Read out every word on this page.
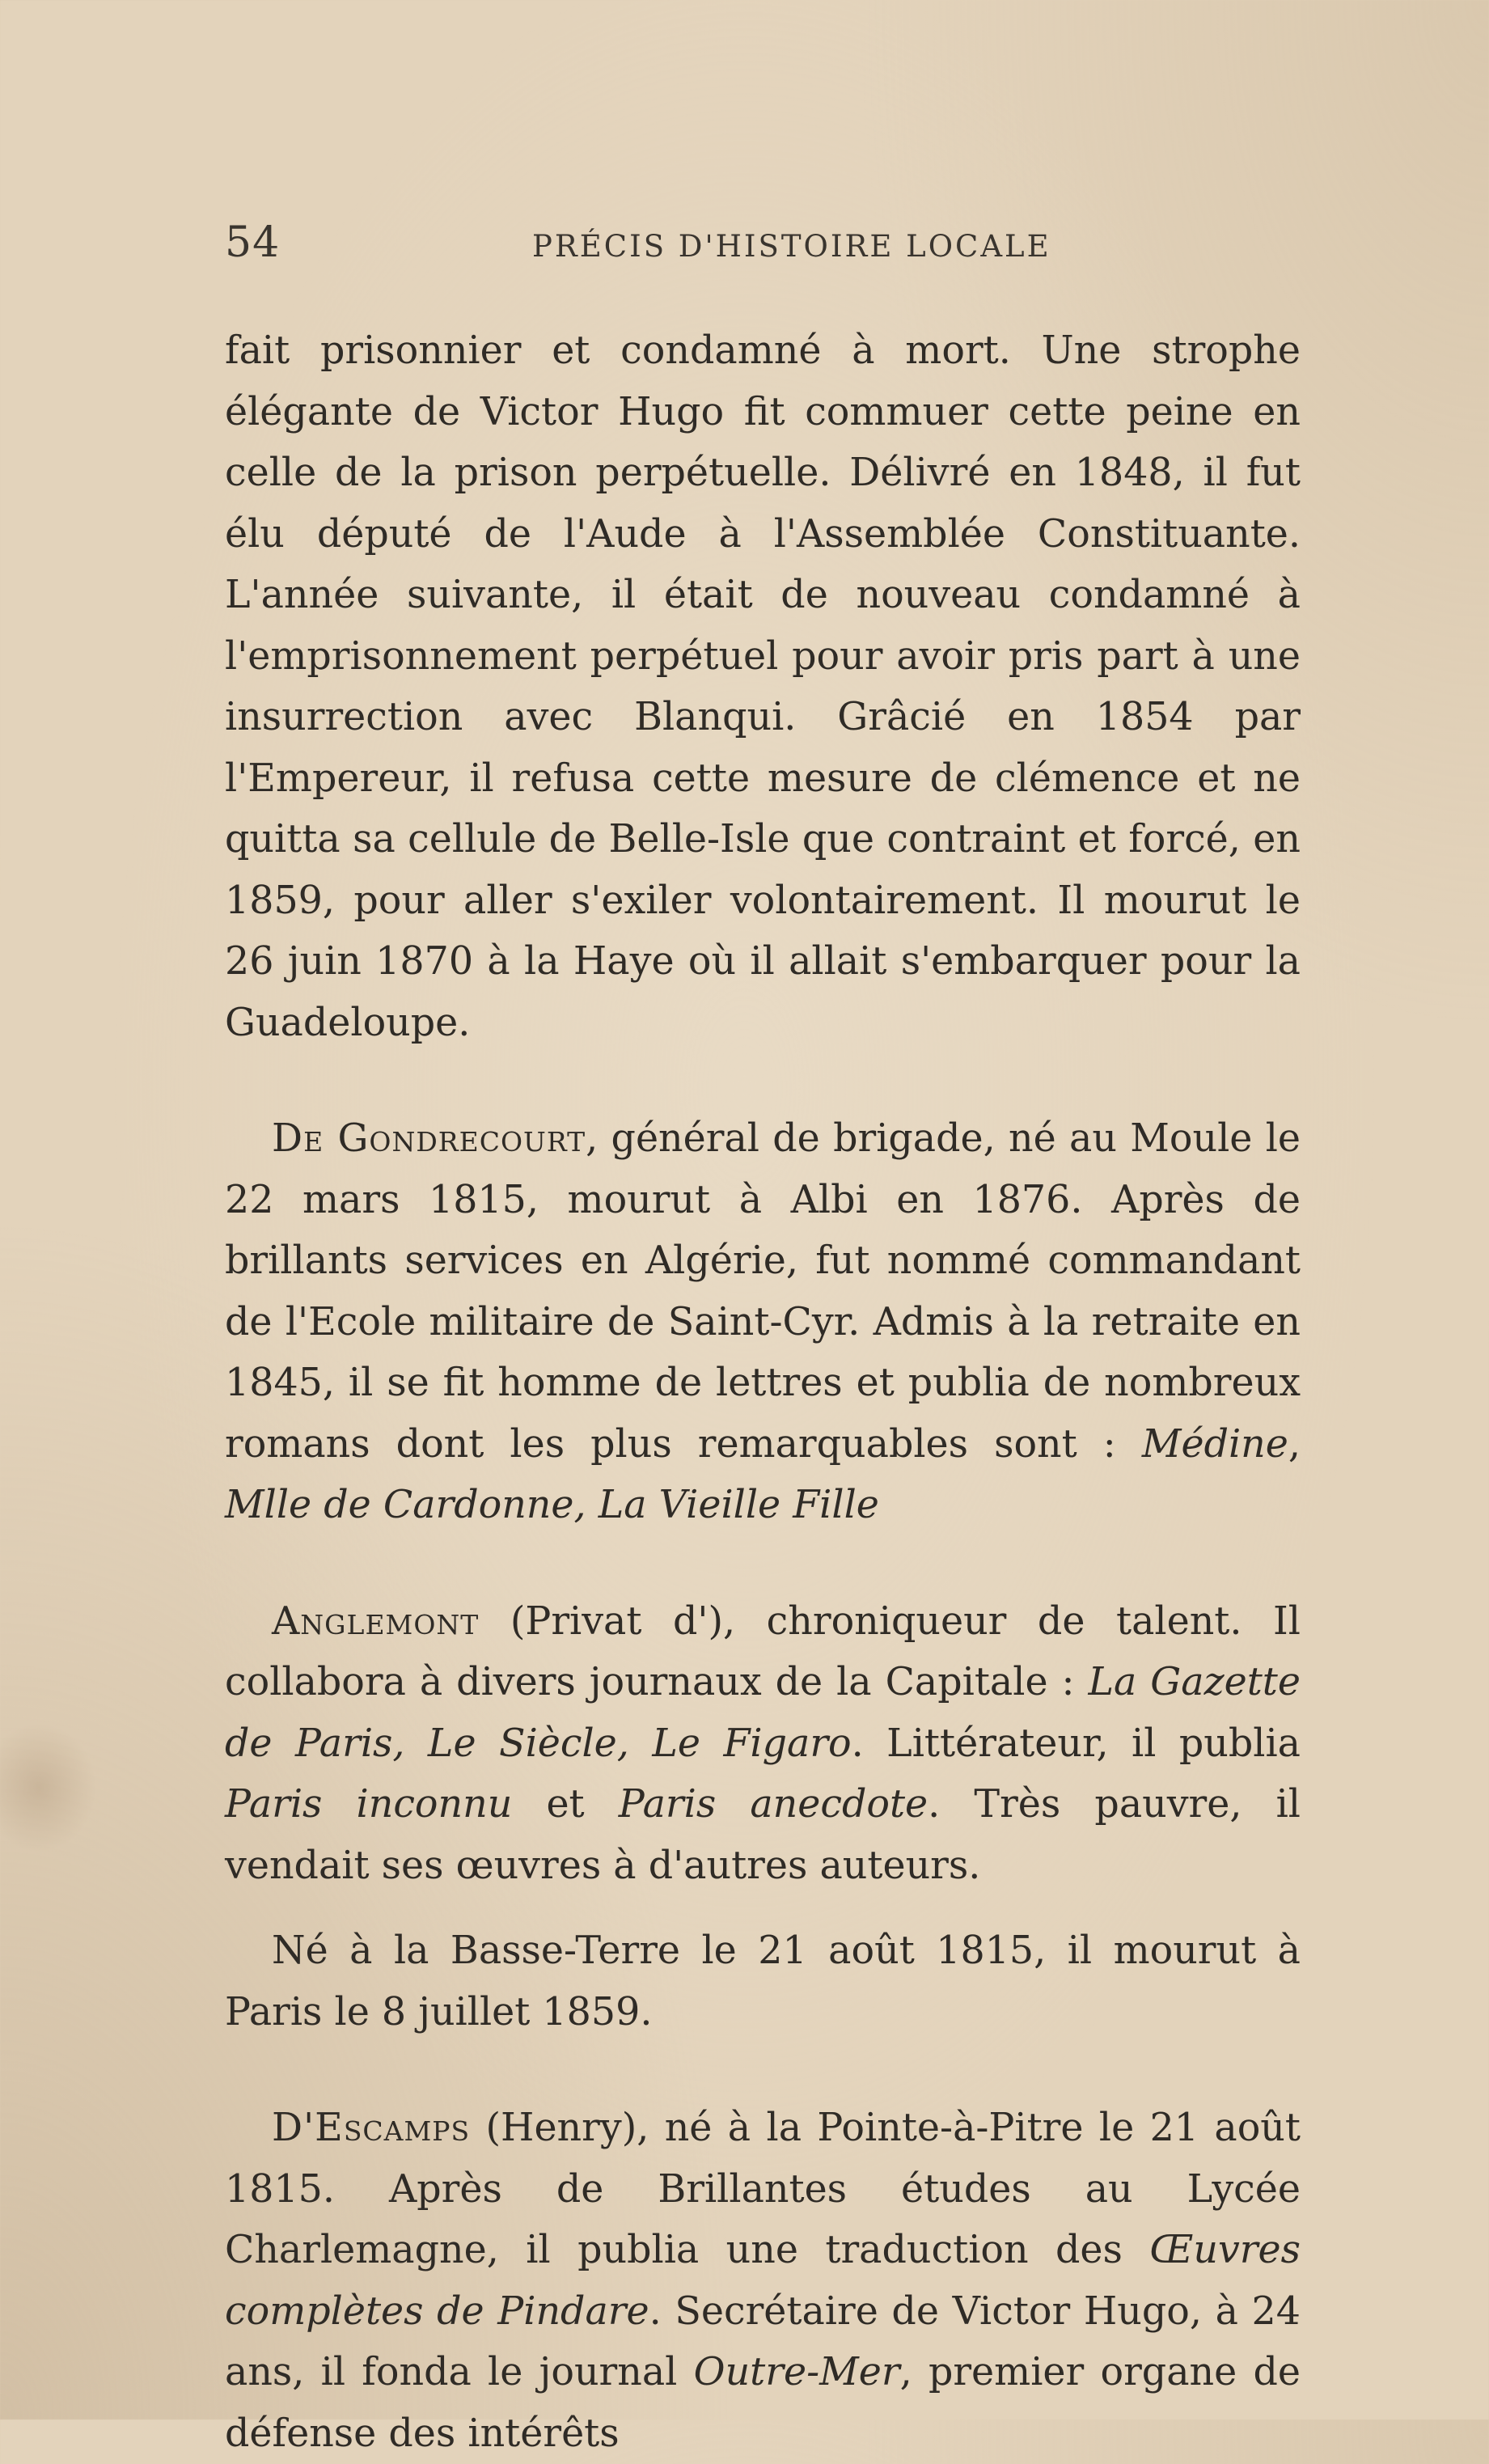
54	PRÉCIS D'HISTOIRE LOCALE

fait prisonnier et condamné à mort. Une strophe élégante de Victor Hugo fit commuer cette peine en celle de la prison perpétuelle. Délivré en 1848, il fut élu député de l'Aude à l'Assemblée Constituante. L'année suivante, il était de nouveau condamné à l'emprisonnement perpétuel pour avoir pris part à une insurrection avec Blanqui. Grâcié en 1854 par l'Empereur, il refusa cette mesure de clémence et ne quitta sa cellule de Belle-Isle que contraint et forcé, en 1859, pour aller s'exiler volontairement. Il mourut le 26 juin 1870 à la Haye où il allait s'embarquer pour la Guadeloupe.

De Gondrecourt, général de brigade, né au Moule le 22 mars 1815, mourut à Albi en 1876. Après de brillants services en Algérie, fut nommé commandant de l'Ecole militaire de Saint-Cyr. Admis à la retraite en 1845, il se fit homme de lettres et publia de nombreux romans dont les plus remarquables sont : Médine, Mlle de Cardonne, La Vieille Fille

Anglemont (Privat d'), chroniqueur de talent. Il collabora à divers journaux de la Capitale : La Gazette de Paris, Le Siècle, Le Figaro. Littérateur, il publia Paris inconnu et Paris anecdote. Très pauvre, il vendait ses œuvres à d'autres auteurs.

Né à la Basse-Terre le 21 août 1815, il mourut à Paris le 8 juillet 1859.

D'Escamps (Henry), né à la Pointe-à-Pitre le 21 août 1815. Après de Brillantes études au Lycée Charlemagne, il publia une traduction des Œuvres complètes de Pindare. Secrétaire de Victor Hugo, à 24 ans, il fonda le journal Outre-Mer, premier organe de défense des intérêts
